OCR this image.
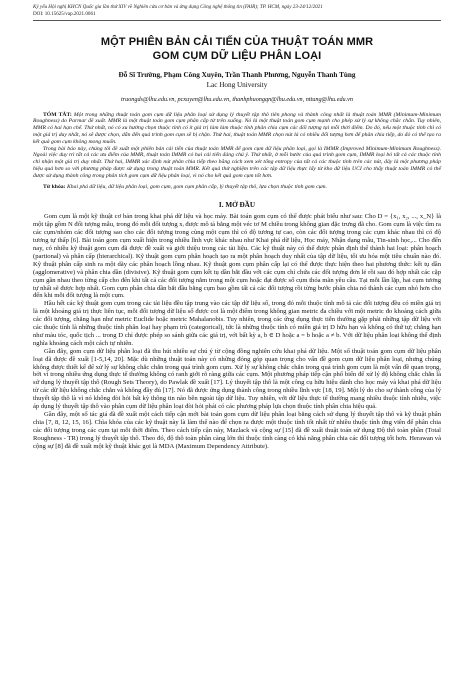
Kỷ yếu Hội nghị KHCN Quốc gia lần thứ XIV về Nghiên cứu cơ bản và ứng dụng Công nghệ thông tin (FAIR); TP. HCM, ngày 23-24/12/2021
DOI: 10.15625/vap.2021.0061
MỘT PHIÊN BẢN CẢI TIẾN CỦA THUẬT TOÁN MMR
GOM CỤM DỮ LIỆU PHÂN LOẠI
Đỗ Sĩ Trường, Phạm Công Xuyên, Trần Thanh Phương, Nguyễn Thanh Tùng
Lac Hong University
truongds@lhu.edu.vn, pcxuyen@lhu.edu.vn, thanhphuongqn@lhu.edu.vn, nttung@lhu.edu.vn

TÓM TẮT: Một trong những thuật toán gom cụm dữ liệu phân loại sử dụng lý thuyết tập thô tiên phong và thành công nhất là thuật toán MMR (Minimum-Minimum Roughness) do Parmar đề xuất. MMR là một thuật toán gom cụm phân cấp từ trên xuống. Nó là một thuật toán gom cụm mạnh cho phép xử lý sự không chắc chắn. Tuy nhiên, MMR có hai hạn chế. Thứ nhất, nó có xu hướng chọn thuộc tính có ít giá trị làm làm thuộc tính phân chia cụm các đối tượng tại mỗi thời điểm. Do đó, nếu một thuộc tính chỉ có một giá trị duy nhất, nó sẽ được chọn, dẫn đến quá trình gom cụm sẽ bị chặn. Thứ hai, thuật toán MMR chọn nút lá có nhiều đối tượng hơn để phân chia tiếp, do đó có thể tạo ra kết quả gom cụm không mong muốn.

Trong bài báo này, chúng tôi đề xuất một phiên bản cải tiến của thuật toán MMR để gom cụm dữ liệu phân loại, gọi là IMMR (Improved Minimum-Minimum Roughness). Ngoài việc duy trì tất cả các ưu điểm của MMR, thuật toán IMMR có hai cải tiến đáng chú ý. Thứ nhất, ở mỗi bước của quá trình gom cụm, IMMR loại bỏ tất cả các thuộc tính chỉ nhận một giá trị duy nhất. Thứ hai, IMMR xác định nút phân chia tiếp theo bằng cách xem xét tổng entropy của tất cả các thuộc tính trên các nút, đây là một phương pháp hiệu quả hơn so với phương pháp được sử dụng trong thuật toán MMR. Kết quả thử nghiệm trên các tập dữ liệu thực lấy từ kho dữ liệu UCI cho thấy thuật toán IMMR có thể được sử dụng thành công trong phân tích gom cụm dữ liệu phân loại, vì nó cho kết quả gom cụm tốt hơn.

Từ khóa: Khai phá dữ liệu, dữ liệu phân loại, gom cụm, gom cụm phân cấp, lý thuyết tập thô, lựa chọn thuộc tính gom cụm.
I. MỞ ĐẦU

Gom cụm là một kỹ thuật cơ bản trong khai phá dữ liệu và học máy. Bài toán gom cụm có thể được phát biểu như sau: Cho D = {x₁, x₂, ..., x_N} là một tập gồm N đối tượng mẫu, trong đó mỗi đối tượng xᵢ được mô tả bằng một véc tơ M chiều trong không gian đặc trưng đã cho. Gom cụm là việc tìm ra các cụm/nhóm các đối tượng sao cho các đối tượng trong cùng một cụm thì có độ tương tự cao, còn các đối tượng trong các cụm khác nhau thì có độ tương tự thấp [6]. Bài toán gom cụm xuất hiện trong nhiều lĩnh vực khác nhau như Khai phá dữ liệu, Học máy, Nhận dạng mẫu, Tin-sinh học,... Cho đến nay, có nhiều kỹ thuật gom cụm đã được đề xuất và giới thiệu trong các tài liệu. Các kỹ thuật này có thể được phân định thể thành hai loại: phân hoạch (partional) và phân cấp (hierarchical). Kỹ thuật gom cụm phân hoạch tạo ra một phân hoạch duy nhất của tập dữ liệu, tối ưu hóa một tiêu chuẩn nào đó. Kỹ thuật phân cấp sinh ra một dãy các phân hoạch lồng nhau. Kỹ thuật gom cụm phân cấp lại có thể được thực hiện theo hai phương thức: kết tụ dần (agglomerative) và phân chia dần (divisive). Kỹ thuật gom cụm kết tụ dần bắt đầu với các cụm chỉ chứa các đối tượng đơn lẻ rồi sau đó hợp nhất các cặp cụm gần nhau theo từng cấp cho đến khi tất cả các đối tượng nằm trong một cụm hoặc đạt được số cụm thỏa mãn yêu cầu. Tại mỗi lần lặp, hai cụm tương tự nhất sẽ được hợp nhất. Gom cụm phân chia dần bắt đầu bằng cụm bao gồm tất cả các đối tượng rồi từng bước phân chia nó thành các cụm nhỏ hơn cho đến khi mỗi đối tượng là một cụm.

Hầu hết các kỹ thuật gom cụm trong các tài liệu đều tập trung vào các tập dữ liệu số, trong đó mỗi thuộc tính mô tả các đối tượng đều có miền giá trị là một khoảng giá trị thực liên tục, mỗi đối tượng dữ liệu số được coi là một điểm trong không gian metric đa chiều với một metric đo khoảng cách giữa các đối tượng, chẳng hạn như metric Euclide hoặc metric Mahalanobis. Tuy nhiên, trong các ứng dụng thực tiễn thường gặp phải những tập dữ liệu với các thuộc tính là những thuộc tính phân loại hay phạm trù (categorical), tức là những thuộc tính có miền giá trị D hữu hạn và không có thứ tự; chẳng hạn như màu tóc, quốc tịch ... trong D chỉ được phép so sánh giữa các giá trị, với bất kỳ a, b ∈ D hoặc a = b hoặc a ≠ b. Với dữ liệu phân loại không thể định nghĩa khoảng cách một cách tự nhiên.

Gần đây, gom cụm dữ liệu phân loại đã thu hút nhiều sự chú ý từ cộng đồng nghiên cứu khai phá dữ liệu. Một số thuật toán gom cụm dữ liệu phân loại đã được đề xuất [1-5,14, 20]. Mặc dù những thuật toán này có những đóng góp quan trọng cho vấn đề gom cụm dữ liệu phân loại, nhưng chúng không được thiết kế để xử lý sự không chắc chắn trong quá trình gom cụm. Xử lý sự không chắc chắn trong quá trình gom cụm là một vấn đề quan trọng, bởi vì trong nhiều ứng dụng thực tế thường không có ranh giới rõ ràng giữa các cụm. Một phương pháp tiếp cận phổ biến để xử lý độ không chắc chắn là sử dụng lý thuyết tập thô (Rough Sets Theory), do Pawlak đề xuất [17]. Lý thuyết tập thô là một công cụ hữu hiệu dành cho học máy và khai phá dữ liệu từ các dữ liệu không chắc chắn và không đầy đủ [17]. Nó đã được ứng dụng thành công trong nhiều lĩnh vực [18, 19]. Một lý do cho sự thành công của lý thuyết tập thô là vì nó không đòi hỏi bất kỳ thông tin nào bên ngoài tập dữ liệu. Tuy nhiên, với dữ liệu thực tế thường mang nhiều thuộc tính nhiễu, việc áp dụng lý thuyết tập thô vào phân cụm dữ liệu phân loại đòi hỏi phải có các phương pháp lựa chọn thuộc tính phân chia hiệu quả.

Gần đây, một số tác giả đã đề xuất một cách tiếp cận mới bài toán gom cụm dữ liệu phân loại bằng cách sử dụng lý thuyết tập thô và kỹ thuật phân chia [7, 8, 12, 15, 16]. Chìa khóa của các kỹ thuật này là làm thế nào để chọn ra được một thuộc tính tốt nhất từ nhiều thuộc tính ứng viên để phân chia các đối tượng trong các cụm tại mỗi thời điểm. Theo cách tiếp cận này, Mazlack và cộng sự [15] đã đề xuất thuật toán sử dụng Độ thô toàn phần (Total Roughness - TR) trong lý thuyết tập thô. Theo đó, độ thô toàn phần càng lớn thì thuộc tính càng có khả năng phân chia các đối tượng tốt hơn. Herawan và cộng sự [8] đã đề xuất một kỹ thuật khác gọi là MDA (Maximum Dependency Attribute).
